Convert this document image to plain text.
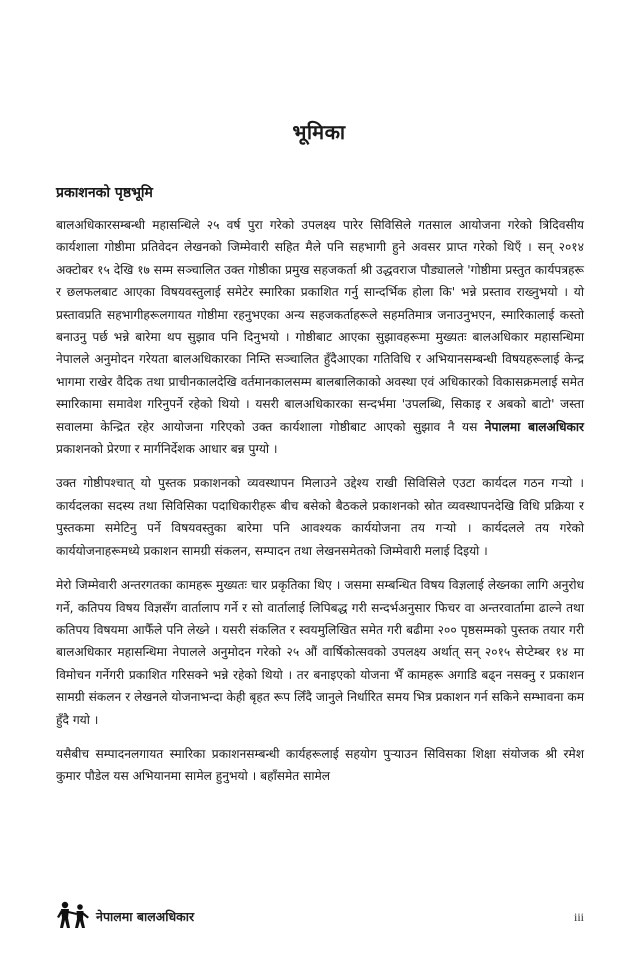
भूमिका
प्रकाशनको पृष्ठभूमि

बालअधिकारसम्बन्धी महासन्धिले २५ वर्ष पुरा गरेको उपलक्ष्य पारेर सिविसिले गतसाल आयोजना गरेको त्रिदिवसीय कार्यशाला गोष्ठीमा प्रतिवेदन लेखनको जिम्मेवारी सहित मैले पनि सहभागी हुने अवसर प्राप्त गरेको थिएँ । सन् २०१४ अक्टोबर १५ देखि १७ सम्म सञ्चालित उक्त गोष्ठीका प्रमुख सहजकर्ता श्री उद्धवराज पौड्यालले 'गोष्ठीमा प्रस्तुत कार्यपत्रहरू र छलफलबाट आएका विषयवस्तुलाई समेटेर स्मारिका प्रकाशित गर्नु सान्दर्भिक होला कि' भन्ने प्रस्ताव राख्नुभयो । यो प्रस्तावप्रति सहभागीहरूलगायत गोष्ठीमा रहनुभएका अन्य सहजकर्ताहरूले सहमतिमात्र जनाउनुभएन, स्मारिकालाई कस्तो बनाउनु पर्छ भन्ने बारेमा थप सुझाव पनि दिनुभयो । गोष्ठीबाट आएका सुझावहरूमा मुख्यतः बालअधिकार महासन्धिमा नेपालले अनुमोदन गरेयता बालअधिकारका निम्ति सञ्चालित हुँदैआएका गतिविधि र अभियानसम्बन्धी विषयहरूलाई केन्द्र भागमा राखेर वैदिक तथा प्राचीनकालदेखि वर्तमानकालसम्म बालबालिकाको अवस्था एवं अधिकारको विकासक्रमलाई समेत स्मारिकामा समावेश गरिनुपर्ने रहेको थियो । यसरी बालअधिकारका सन्दर्भमा 'उपलब्धि, सिकाइ र अबको बाटो' जस्ता सवालमा केन्द्रित रहेर आयोजना गरिएको उक्त कार्यशाला गोष्ठीबाट आएको सुझाव नै यस नेपालमा बालअधिकार प्रकाशनको प्रेरणा र मार्गनिर्देशक आधार बन्न पुग्यो ।

उक्त गोष्ठीपश्चात् यो पुस्तक प्रकाशनको व्यवस्थापन मिलाउने उद्देश्य राखी सिविसिले एउटा कार्यदल गठन गऱ्यो । कार्यदलका सदस्य तथा सिविसिका पदाधिकारीहरू बीच बसेको बैठकले प्रकाशनको स्रोत व्यवस्थापनदेखि विधि प्रक्रिया र पुस्तकमा समेटिनु पर्ने विषयवस्तुका बारेमा पनि आवश्यक कार्ययोजना तय गऱ्यो । कार्यदलले तय गरेको कार्ययोजनाहरूमध्ये प्रकाशन सामग्री संकलन, सम्पादन तथा लेखनसमेतको जिम्मेवारी मलाई दिइयो ।

मेरो जिम्मेवारी अन्तरगतका कामहरू मुख्यतः चार प्रकृतिका थिए । जसमा सम्बन्धित विषय विज्ञलाई लेख्नका लागि अनुरोध गर्ने, कतिपय विषय विज्ञसँग वार्तालाप गर्ने र सो वार्तालाई लिपिबद्ध गरी सन्दर्भअनुसार फिचर वा अन्तरवार्तामा ढाल्ने तथा कतिपय विषयमा आफैँले पनि लेख्ने । यसरी संकलित र स्वयमुलिखित समेत गरी बढीमा २०० पृष्ठसम्मको पुस्तक तयार गरी बालअधिकार महासन्धिमा नेपालले अनुमोदन गरेको २५ औं वार्षिकोत्सवको उपलक्ष्य अर्थात् सन् २०१५ सेप्टेम्बर १४ मा विमोचन गर्नेगरी प्रकाशित गरिसक्ने भन्ने रहेको थियो । तर बनाइएको योजना भैँ कामहरू अगाडि बढ्न नसक्नु र प्रकाशन सामग्री संकलन र लेखनले योजनाभन्दा केही बृहत रूप लिँदै जानुले निर्धारित समय भित्र प्रकाशन गर्न सकिने सम्भावना कम हुँदै गयो ।

यसैबीच सम्पादनलगायत स्मारिका प्रकाशनसम्बन्धी कार्यहरूलाई सहयोग पुऱ्याउन सिविसका शिक्षा संयोजक श्री रमेश कुमार पौडेल यस अभियानमा सामेल हुनुभयो । बहाँसमेत सामेल

नेपालमा बालअधिकार	iii
